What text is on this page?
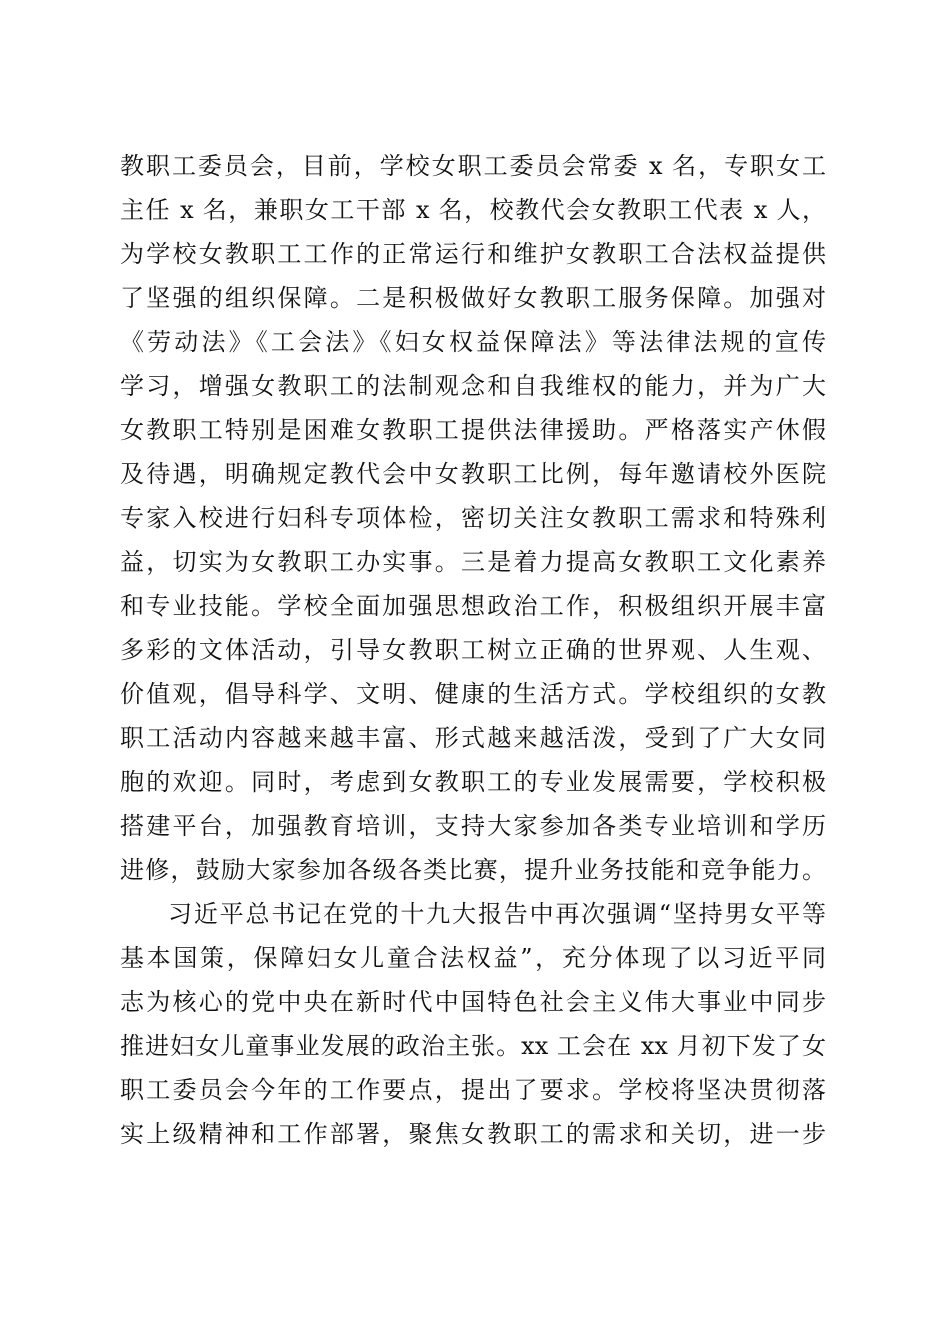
教职工委员会，目前，学校女职工委员会常委 x 名，专职女工
主任 x 名，兼职女工干部 x 名，校教代会女教职工代表 x 人，
为学校女教职工工作的正常运行和维护女教职工合法权益提供
了坚强的组织保障。二是积极做好女教职工服务保障。加强对
《劳动法》《工会法》《妇女权益保障法》等法律法规的宣传
学习，增强女教职工的法制观念和自我维权的能力，并为广大
女教职工特别是困难女教职工提供法律援助。严格落实产休假
及待遇，明确规定教代会中女教职工比例，每年邀请校外医院
专家入校进行妇科专项体检，密切关注女教职工需求和特殊利
益，切实为女教职工办实事。三是着力提高女教职工文化素养
和专业技能。学校全面加强思想政治工作，积极组织开展丰富
多彩的文体活动，引导女教职工树立正确的世界观、人生观、
价值观，倡导科学、文明、健康的生活方式。学校组织的女教
职工活动内容越来越丰富、形式越来越活泼，受到了广大女同
胞的欢迎。同时，考虑到女教职工的专业发展需要，学校积极
搭建平台，加强教育培训，支持大家参加各类专业培训和学历
进修，鼓励大家参加各级各类比赛，提升业务技能和竞争能力。
习近平总书记在党的十九大报告中再次强调“坚持男女平等
基本国策，保障妇女儿童合法权益”，充分体现了以习近平同
志为核心的党中央在新时代中国特色社会主义伟大事业中同步
推进妇女儿童事业发展的政治主张。xx 工会在 xx 月初下发了女
职工委员会今年的工作要点，提出了要求。学校将坚决贯彻落
实上级精神和工作部署，聚焦女教职工的需求和关切，进一步
